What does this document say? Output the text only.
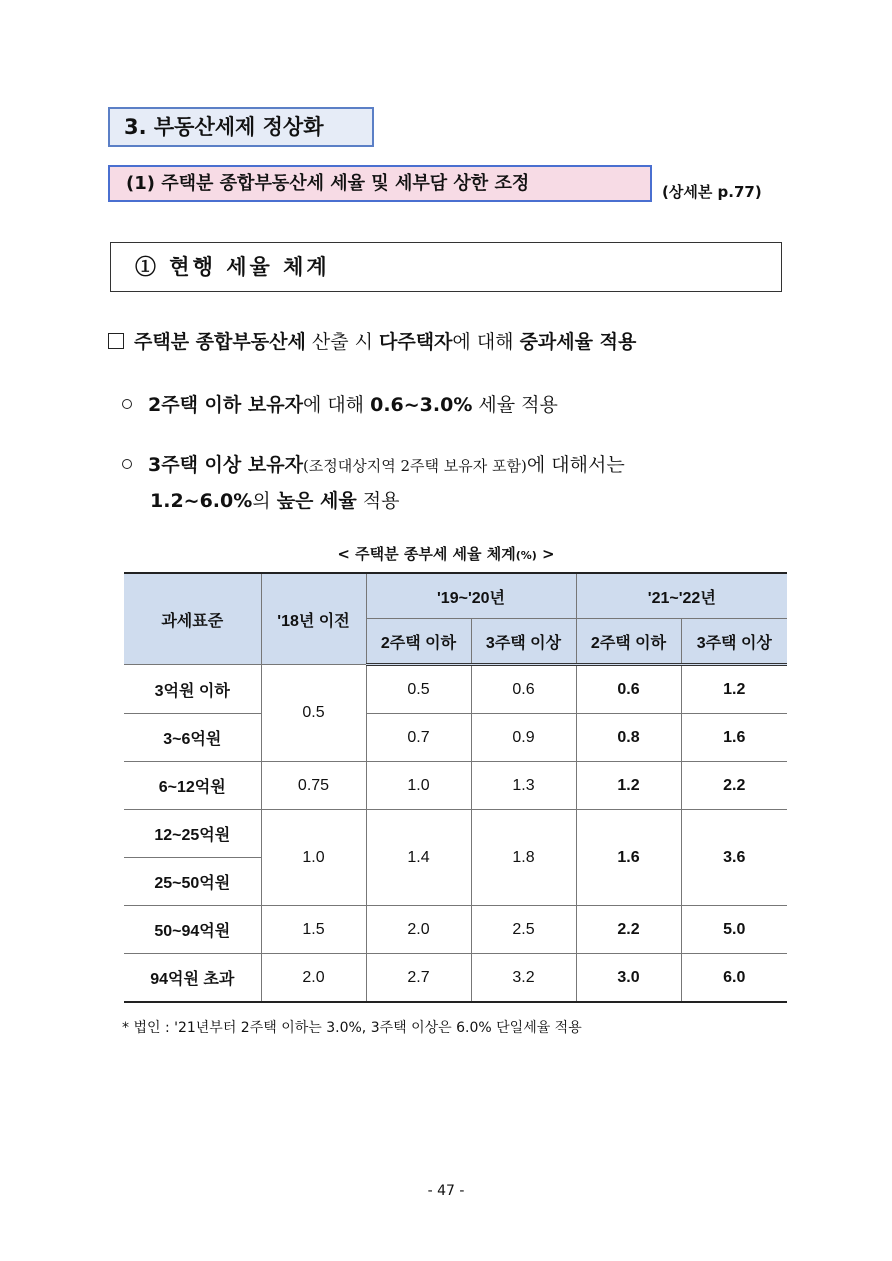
3. 부동산세제 정상화
(1) 주택분 종합부동산세 세율 및 세부담 상한 조정	(상세본 p.77)
① 현행 세율 체계
주택분 종합부동산세 산출 시 다주택자에 대해 중과세율 적용
2주택 이하 보유자에 대해 0.6~3.0% 세율 적용
3주택 이상 보유자(조정대상지역 2주택 보유자 포함)에 대해서는
1.2~6.0%의 높은 세율 적용
< 주택분 종부세 세율 체계(%) >
과세표준	'18년 이전	'19~'20년		'21~'22년	
		2주택 이하	3주택 이상	2주택 이하	3주택 이상
3억원 이하	0.5	0.5	0.6	0.6	1.2
3~6억원		0.7	0.9	0.8	1.6
6~12억원	0.75	1.0	1.3	1.2	2.2
12~25억원	1.0	1.4	1.8	1.6	3.6
25~50억원					
50~94억원	1.5	2.0	2.5	2.2	5.0
94억원 초과	2.0	2.7	3.2	3.0	6.0
* 법인 : '21년부터 2주택 이하는 3.0%, 3주택 이상은 6.0% 단일세율 적용
- 47 -
